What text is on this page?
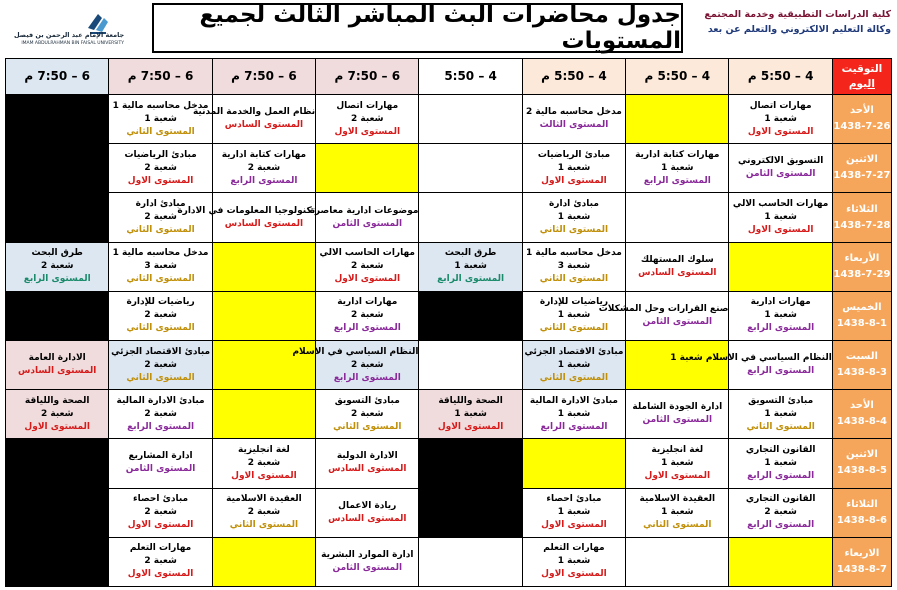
جامعة الإمام عبد الرحمن بن فيصل
IMAM ABDULRAHMAN BIN FAISAL UNIVERSITY
جدول محاضرات البث المباشر الثالث لجميع المستويات
كلية الدراسات التطبيقية وخدمة المجتمع
وكالة التعليم الالكتروني والتعلم عن بعد
التوقيت
اليوم	4 – 5:50 م	4 – 5:50 م	4 – 5:50 م	4 – 5:50	6 – 7:50 م	6 – 7:50 م	6 – 7:50 م	6 – 7:50 م

الأحد
1438-7-26	مهارات اتصال
شعبة 1
المستوى الاول		مدخل محاسبه مالية 2
المستوى الثالث		مهارات اتصال
شعبة 2
المستوى الاول	نظام العمل والخدمة المدنية
المستوى السادس	مدخل محاسبه مالية 1
شعبة 1
المستوى الثاني	

الاثنين
1438-7-27	التسويق الالكتروني
المستوى الثامن	مهارات كتابة ادارية
شعبة 1
المستوى الرابع	مبادئ الرياضيات
شعبة 1
المستوى الاول			مهارات كتابة ادارية
شعبة 2
المستوى الرابع	مبادئ الرياضيات
شعبة 2
المستوى الاول	

الثلاثاء
1438-7-28	مهارات الحاسب الالي
شعبة 1
المستوى الاول		مبادئ ادارة
شعبة 1
المستوى الثاني		موضوعات ادارية معاصرة
المستوى الثامن	تكنولوجيا المعلومات في الادارة
المستوى السادس	مبادئ ادارة
شعبة 2
المستوى الثاني	

الأربعاء
1438-7-29		سلوك المستهلك
المستوى السادس	مدخل محاسبه مالية 1
شعبة 3
المستوى الثاني	طرق البحث
شعبة 1
المستوى الرابع	مهارات الحاسب الالي
شعبة 2
المستوى الاول		مدخل محاسبه مالية 1
شعبة 3
المستوى الثاني	طرق البحث
شعبة 2
المستوى الرابع

الخميس
1438-8-1	مهارات ادارية
شعبة 1
المستوى الرابع	صنع القرارات وحل المشكلات
المستوى الثامن	رياضيات للإدارة
شعبة 1
المستوى الثاني		مهارات ادارية
شعبة 2
المستوى الرابع		رياضيات للإدارة
شعبة 2
المستوى الثاني	

السبت
1438-8-3	النظام السياسي في الاسلام شعبة 1
المستوى الرابع		مبادئ الاقتصاد الجزئي
شعبة 1
المستوى الثاني		النظام السياسي في الاسلام
شعبة 2
المستوى الرابع		مبادئ الاقتصاد الجزئي
شعبة 2
المستوى الثاني	الادارة العامة
المستوى السادس

الأحد
1438-8-4	مبادئ التسويق
شعبة 1
المستوى الثاني	ادارة الجودة الشاملة
المستوى الثامن	مبادئ الادارة المالية
شعبة 1
المستوى الرابع	الصحة واللياقة
شعبة 1
المستوى الاول	مبادئ التسويق
شعبة 2
المستوى الثاني		مبادئ الادارة المالية
شعبة 2
المستوى الرابع	الصحة واللياقة
شعبة 2
المستوى الاول

الاثنين
1438-8-5	القانون التجاري
شعبة 1
المستوى الرابع	لغة انجليزية
شعبة 1
المستوى الاول			الادارة الدولية
المستوى السادس	لغة انجليزية
شعبة 2
المستوى الاول	ادارة المشاريع
المستوى الثامن	

الثلاثاء
1438-8-6	القانون التجاري
شعبة 2
المستوى الرابع	العقيدة الاسلامية
شعبة 1
المستوى الثاني	مبادئ احصاء
شعبة 1
المستوى الاول		ريادة الاعمال
المستوى السادس	العقيدة الاسلامية
شعبة 2
المستوى الثاني	مبادئ احصاء
شعبة 2
المستوى الاول	

الاربعاء
1438-8-7			مهارات التعلم
شعبة 1
المستوى الاول		ادارة الموارد البشرية
المستوى الثامن		مهارات التعلم
شعبة 2
المستوى الاول	
